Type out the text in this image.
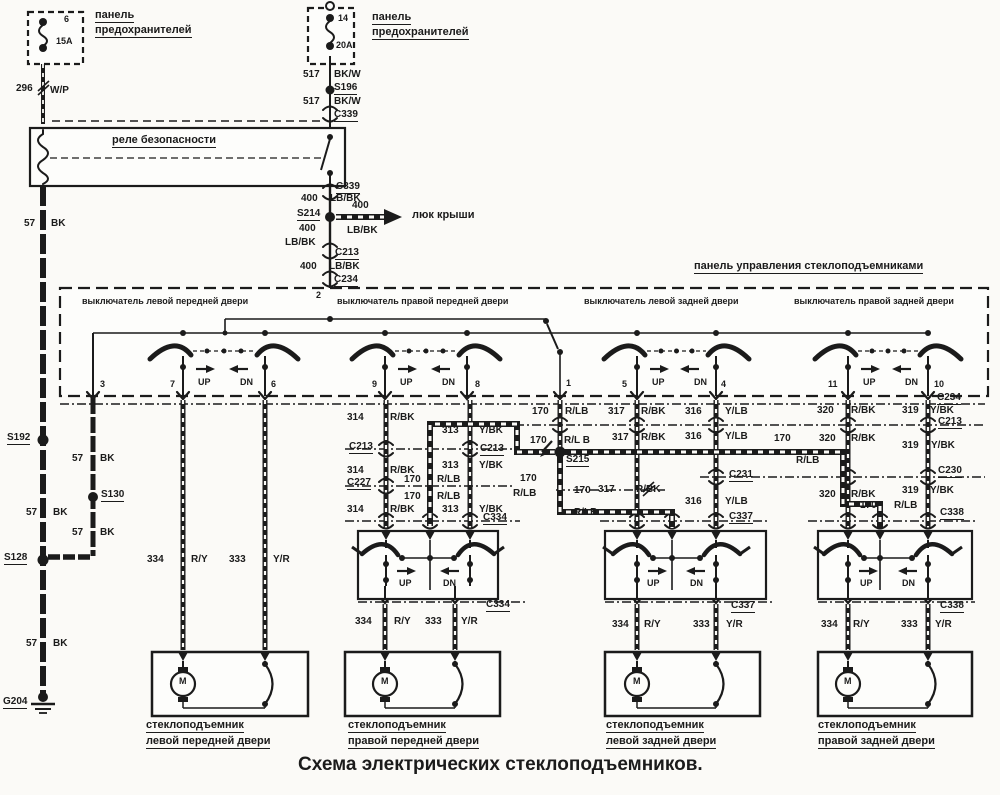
панель
предохранителей
6
15A
296 W/P
панель
предохранителей
14
20A
517 BK/W
S196
517 BK/W
C339
реле безопасности
57 BK
C339
400 LB/BK
S214
400
LB/BK
люк крыши
400
LB/BK
C213
400 LB/BK
C234
панель управления стеклоподъемниками
2
выключатель левой передней двери	выключатель правой передней двери	выключатель левой задней двери	выключатель правой задней двери
UP	DN	UP	DN	UP	DN	UP	DN
3	7	6	9	8	1	5	4	11	10
57 BK
S130
57 BK
S192
57 BK
S128
57 BK
G204
334	R/Y 333	Y/R
314	R/BK
C213
314	R/BK
C227	170 R/LB
170 R/LB
314	R/BK
313 Y/BK
C213
313 Y/BK
313 Y/BK
C334
UP	DN
C334
334 R/Y 333 Y/R
170 R/LB
170 R/L B
S215
170
R/LB	170
R/LB
317 R/BK
317 R/BK
317 R/BK
316 Y/LB
316 Y/LB
C231
316 Y/LB
C337
UP	DN
C337
334 R/Y	333 Y/R
170
R/LB
320 R/BK
320 R/BK
320 R/BK
170 R/LB
C234
319 Y/BK
C213
319 Y/BK
C230
319 Y/BK
C338
UP	DN
C338
334 R/Y	333 Y/R
стеклоподъемник
левой передней двери
стеклоподъемник
правой передней двери
стеклоподъемник
левой задней двери
стеклоподъемник
правой задней двери
M	M	M	M
Схема электрических стеклоподъемников.
